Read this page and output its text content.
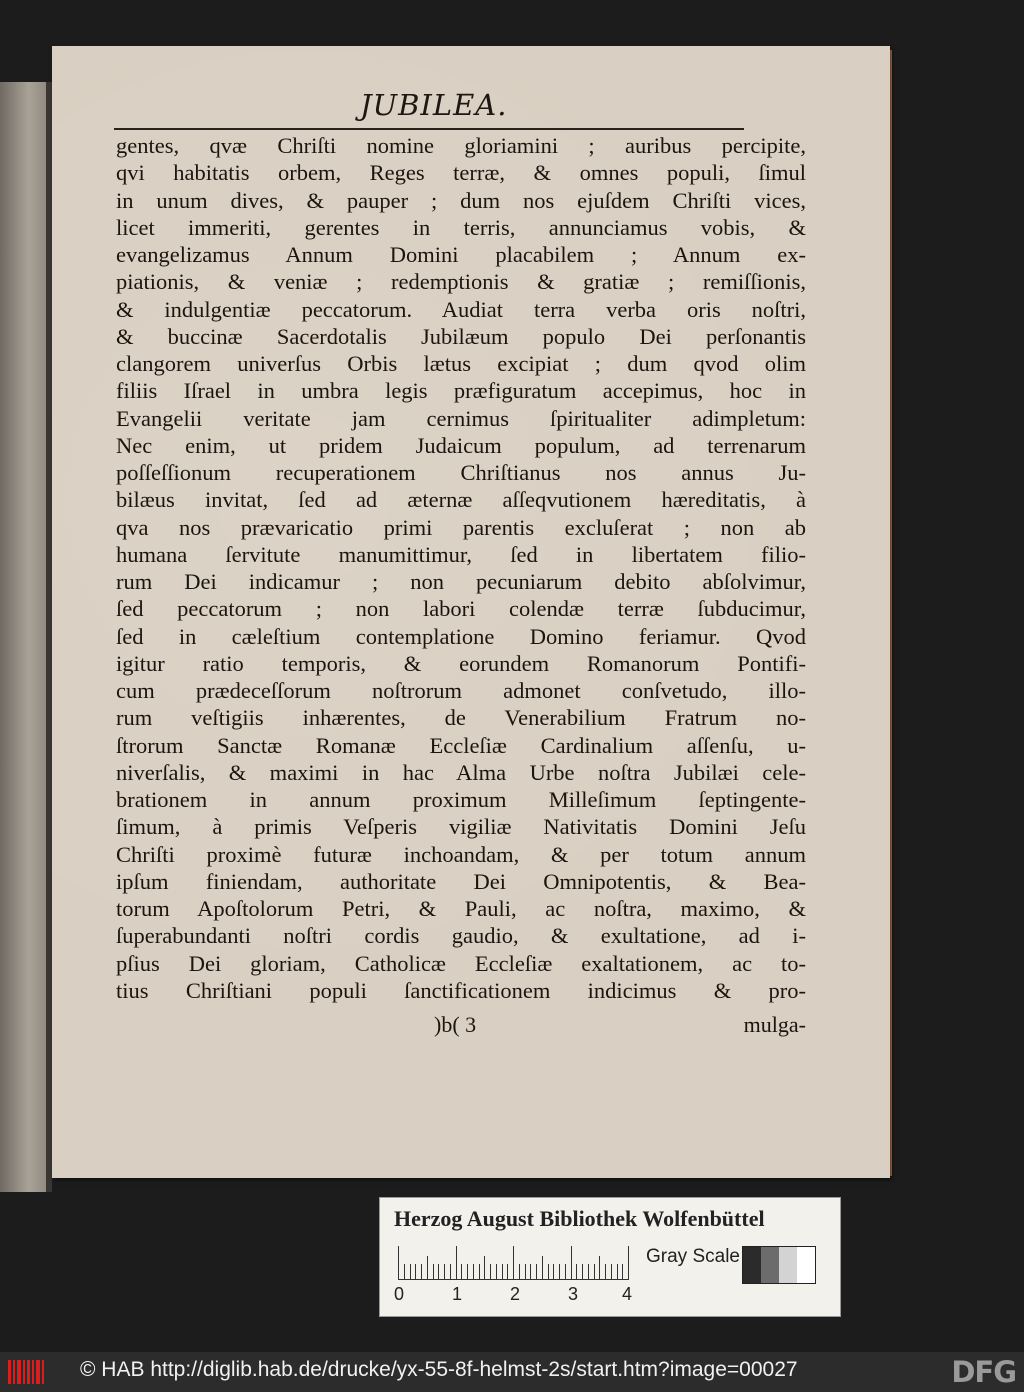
JUBILEA.
gentes, qvæ Chriſti nomine gloriamini ; auribus percipite,
qvi habitatis orbem, Reges terræ, & omnes populi, ſimul
in unum dives, & pauper ; dum nos ejuſdem Chriſti vices,
licet immeriti, gerentes in terris, annunciamus vobis, &
evangelizamus Annum Domini placabilem ; Annum ex-
piationis, & veniæ ; redemptionis & gratiæ ; remiſſionis,
& indulgentiæ peccatorum. Audiat terra verba oris noſtri,
& buccinæ Sacerdotalis Jubilæum populo Dei perſonantis
clangorem univerſus Orbis lætus excipiat ; dum qvod olim
filiis Iſrael in umbra legis præfiguratum accepimus, hoc in
Evangelii veritate jam cernimus ſpiritualiter adimpletum:
Nec enim, ut pridem Judaicum populum, ad terrenarum
poſſeſſionum recuperationem Chriſtianus nos annus Ju-
bilæus invitat, ſed ad æternæ aſſeqvutionem hæreditatis, à
qva nos prævaricatio primi parentis excluſerat ; non ab
humana ſervitute manumittimur, ſed in libertatem filio-
rum Dei indicamur ; non pecuniarum debito abſolvimur,
ſed peccatorum ; non labori colendæ terræ ſubducimur,
ſed in cæleſtium contemplatione Domino feriamur. Qvod
igitur ratio temporis, & eorundem Romanorum Pontifi-
cum prædeceſſorum noſtrorum admonet conſvetudo, illo-
rum veſtigiis inhærentes, de Venerabilium Fratrum no-
ſtrorum Sanctæ Romanæ Eccleſiæ Cardinalium aſſenſu, u-
niverſalis, & maximi in hac Alma Urbe noſtra Jubilæi cele-
brationem in annum proximum Milleſimum ſeptingente-
ſimum, à primis Veſperis vigiliæ Nativitatis Domini Jeſu
Chriſti proximè futuræ inchoandam, & per totum annum
ipſum finiendam, authoritate Dei Omnipotentis, & Bea-
torum Apoſtolorum Petri, & Pauli, ac noſtra, maximo, &
ſuperabundanti noſtri cordis gaudio, & exultatione, ad i-
pſius Dei gloriam, Catholicæ Eccleſiæ exaltationem, ac to-
tius Chriſtiani populi ſanctificationem indicimus & pro-
)b( 3	mulga-
Herzog August Bibliothek Wolfenbüttel
0	1	2	3 4
Gray Scale
© HAB http://diglib.hab.de/drucke/yx-55-8f-helmst-2s/start.htm?image=00027	DFG
